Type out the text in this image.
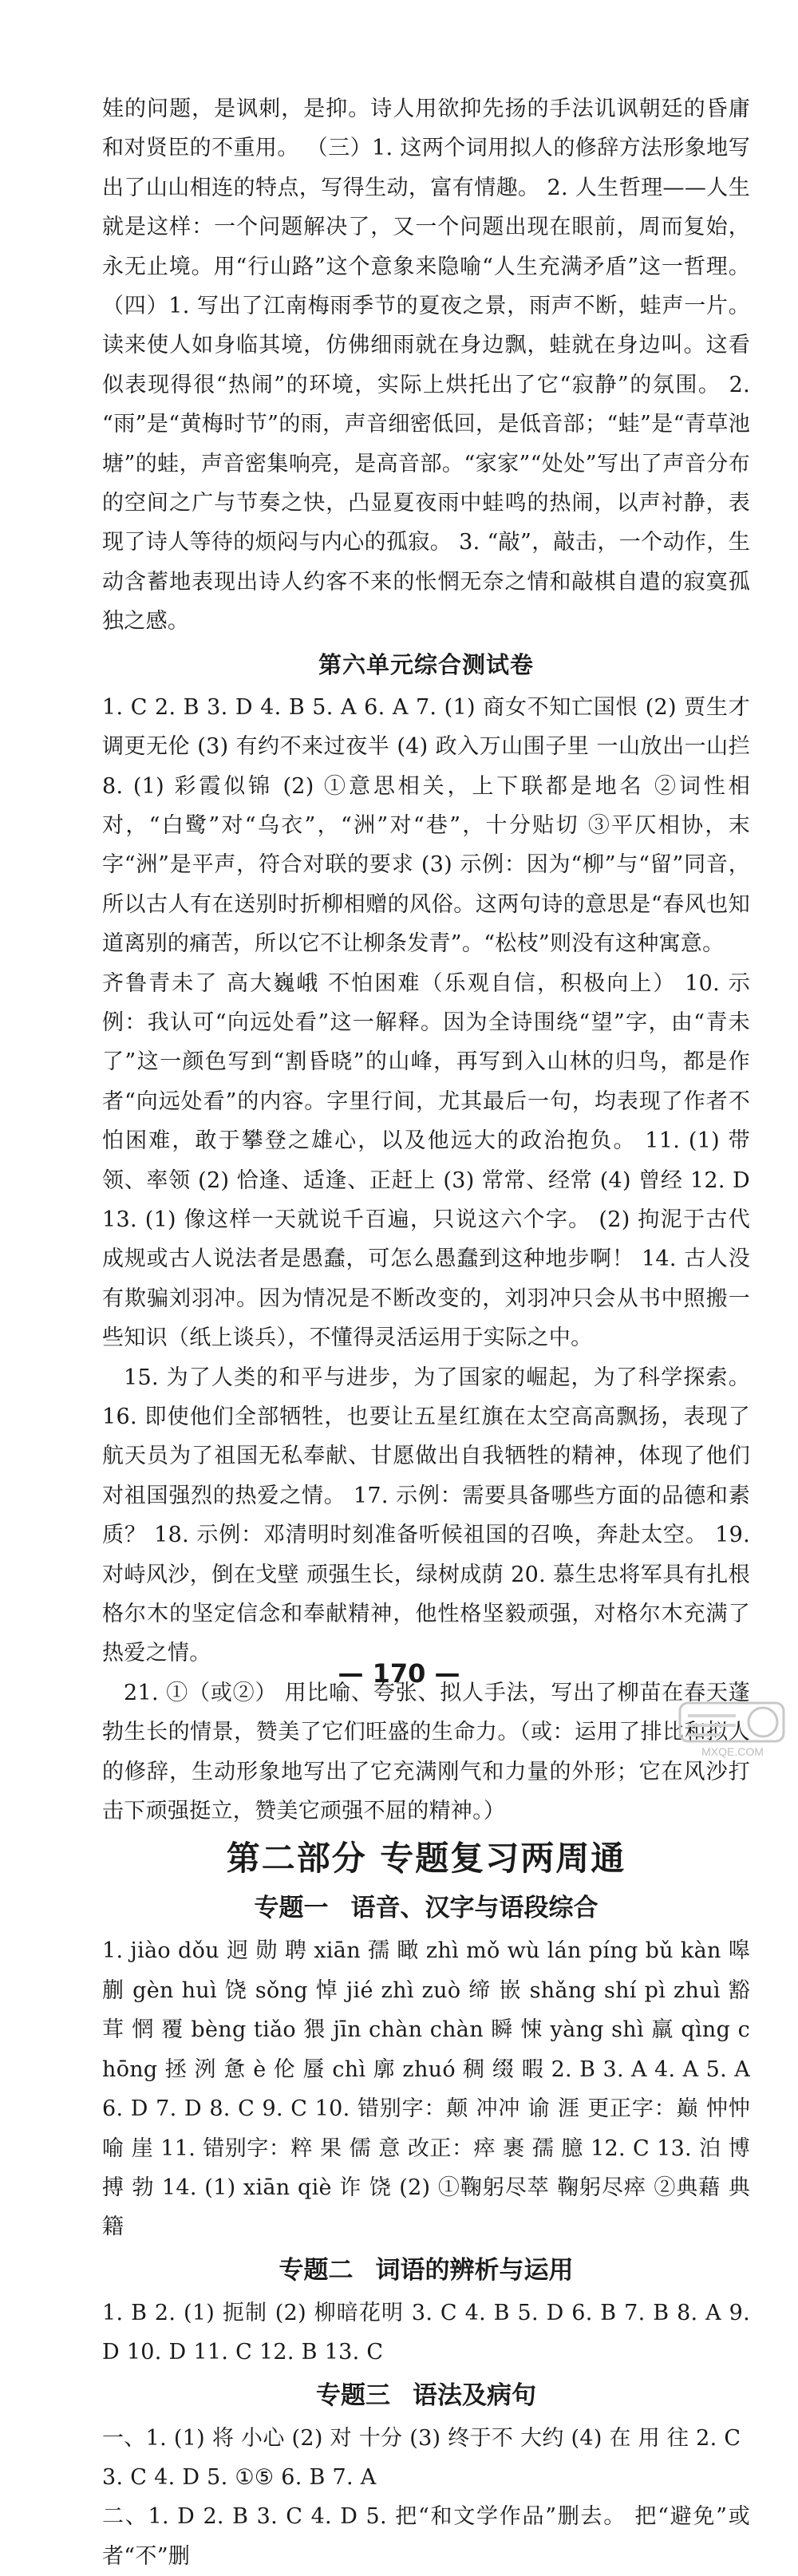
娃的问题，是讽刺，是抑。诗人用欲抑先扬的手法讥讽朝廷的昏庸和对贤臣的不重用。 （三）1. 这两个词用拟人的修辞方法形象地写出了山山相连的特点，写得生动，富有情趣。 2. 人生哲理——人生就是这样：一个问题解决了，又一个问题出现在眼前，周而复始，永无止境。用“行山路”这个意象来隐喻“人生充满矛盾”这一哲理。 （四）1. 写出了江南梅雨季节的夏夜之景，雨声不断，蛙声一片。读来使人如身临其境，仿佛细雨就在身边飘，蛙就在身边叫。这看似表现得很“热闹”的环境，实际上烘托出了它“寂静”的氛围。 2. “雨”是“黄梅时节”的雨，声音细密低回，是低音部；“蛙”是“青草池塘”的蛙，声音密集响亮，是高音部。“家家”“处处”写出了声音分布的空间之广与节奏之快，凸显夏夜雨中蛙鸣的热闹，以声衬静，表现了诗人等待的烦闷与内心的孤寂。 3. “敲”，敲击，一个动作，生动含蓄地表现出诗人约客不来的怅惘无奈之情和敲棋自遣的寂寞孤独之感。

第六单元综合测试卷

1. C 2. B 3. D 4. B 5. A 6. A 7. (1) 商女不知亡国恨 (2) 贾生才调更无伦 (3) 有约不来过夜半 (4) 政入万山围子里 一山放出一山拦 8. (1) 彩霞似锦 (2) ①意思相关，上下联都是地名 ②词性相对，“白鹭”对“乌衣”，“洲”对“巷”，十分贴切 ③平仄相协，末字“洲”是平声，符合对联的要求 (3) 示例：因为“柳”与“留”同音，所以古人有在送别时折柳相赠的风俗。这两句诗的意思是“春风也知道离别的痛苦，所以它不让柳条发青”。“松枝”则没有这种寓意。

齐鲁青未了 高大巍峨 不怕困难（乐观自信，积极向上） 10. 示例：我认可“向远处看”这一解释。因为全诗围绕“望”字，由“青未了”这一颜色写到“割昏晓”的山峰，再写到入山林的归鸟，都是作者“向远处看”的内容。字里行间，尤其最后一句，均表现了作者不怕困难，敢于攀登之雄心，以及他远大的政治抱负。 11. (1) 带领、率领 (2) 恰逢、适逢、正赶上 (3) 常常、经常 (4) 曾经 12. D 13. (1) 像这样一天就说千百遍，只说这六个字。 (2) 拘泥于古代成规或古人说法者是愚蠢，可怎么愚蠢到这种地步啊！ 14. 古人没有欺骗刘羽冲。因为情况是不断改变的，刘羽冲只会从书中照搬一些知识（纸上谈兵），不懂得灵活运用于实际之中。

15. 为了人类的和平与进步，为了国家的崛起，为了科学探索。 16. 即使他们全部牺牲，也要让五星红旗在太空高高飘扬，表现了航天员为了祖国无私奉献、甘愿做出自我牺牲的精神，体现了他们对祖国强烈的热爱之情。 17. 示例：需要具备哪些方面的品德和素质？ 18. 示例：邓清明时刻准备听候祖国的召唤，奔赴太空。 19. 对峙风沙，倒在戈壁 顽强生长，绿树成荫 20. 慕生忠将军具有扎根格尔木的坚定信念和奉献精神，他性格坚毅顽强，对格尔木充满了热爱之情。

21. ①（或②） 用比喻、夸张、拟人手法，写出了柳苗在春天蓬勃生长的情景，赞美了它们旺盛的生命力。（或：运用了排比和拟人的修辞，生动形象地写出了它充满刚气和力量的外形；它在风沙打击下顽强挺立，赞美它顽强不屈的精神。）

第二部分 专题复习两周通
专题一 语音、汉字与语段综合

1. jiào dǒu 迥 勋 聘 xiān 孺 瞰 zhì mǒ wù lán píng bǔ kàn 嗥 蒯 gèn huì 饶 sǒng 悼 jié zhì zuò 缔 嵌 shǎng shí pì zhuì 豁 茸 惘 覆 bèng tiǎo 猥 jīn chàn chàn 瞬 悚 yàng shì 羸 qìng chōng 拯 洌 惫 è 伦 蜃 chì 廓 zhuó 稠 缀 暇 2. B 3. A 4. A 5. A 6. D 7. D 8. C 9. C 10. 错别字：颠 冲冲 谕 涯 更正字：巅 忡忡 喻 崖 11. 错别字：粹 果 儒 意 改正：瘁 裹 孺 臆 12. C 13. 泊 博 搏 勃 14. (1) xiān qiè 诈 饶 (2) ①鞠躬尽萃 鞠躬尽瘁 ②典藉 典籍

专题二 词语的辨析与运用

1. B 2. (1) 扼制 (2) 柳暗花明 3. C 4. B 5. D 6. B 7. B 8. A 9. D 10. D 11. C 12. B 13. C

专题三 语法及病句

一、1. (1) 将 小心 (2) 对 十分 (3) 终于不 大约 (4) 在 用 往 2. C

3. C 4. D 5. ①⑤ 6. B 7. A

二、1. D 2. B 3. C 4. D 5. 把“和文学作品”删去。 把“避免”或者“不”删

— 170 —
MXQE.COM
